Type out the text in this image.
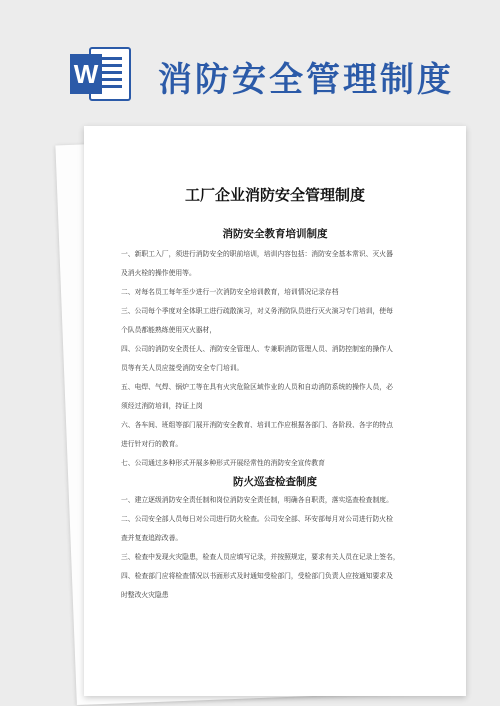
W 消防安全管理制度
工厂企业消防安全管理制度
消防安全教育培训制度
一、新职工入厂，须进行消防安全的职前培训，培训内容包括：消防安全基本常识、灭火器
及消火栓的操作使用等。
二、对每名员工每年至少进行一次消防安全培训教育，培训情况记录存档
三、公司每个季度对全体职工进行疏散演习，对义务消防队员进行灭火演习专门培训，使每
个队员都能熟练使用灭火器材，
四、公司的消防安全责任人、消防安全管理人、专兼职消防管理人员、消防控制室的操作人
员等有关人员应接受消防安全专门培训。
五、电焊、气焊、锅炉工等在具有火灾危险区域作业的人员和自动消防系统的操作人员，必
须经过消防培训，持证上岗
六、各车间、班组等部门展开消防安全教育、培训工作应根据各部门、各阶段、各字的特点
进行针对行的教育。
七、公司通过多种形式开展多种形式开展经常性的消防安全宣传教育
防火巡查检查制度
一、建立逐级消防安全责任制和岗位消防安全责任制，明确各自职责，落实巡查检查制度。
二、公司安全部人员每日对公司进行防火检查。公司安全部、环安部每月对公司进行防火检
查并复查追踪改善。
三、检查中发现火灾隐患，检查人员应填写记录，并按照规定，要求有关人员在记录上签名，
四、检查部门应将检查情况以书面形式及时通知受检部门，受检部门负责人应按通知要求及
时整改火灾隐患
